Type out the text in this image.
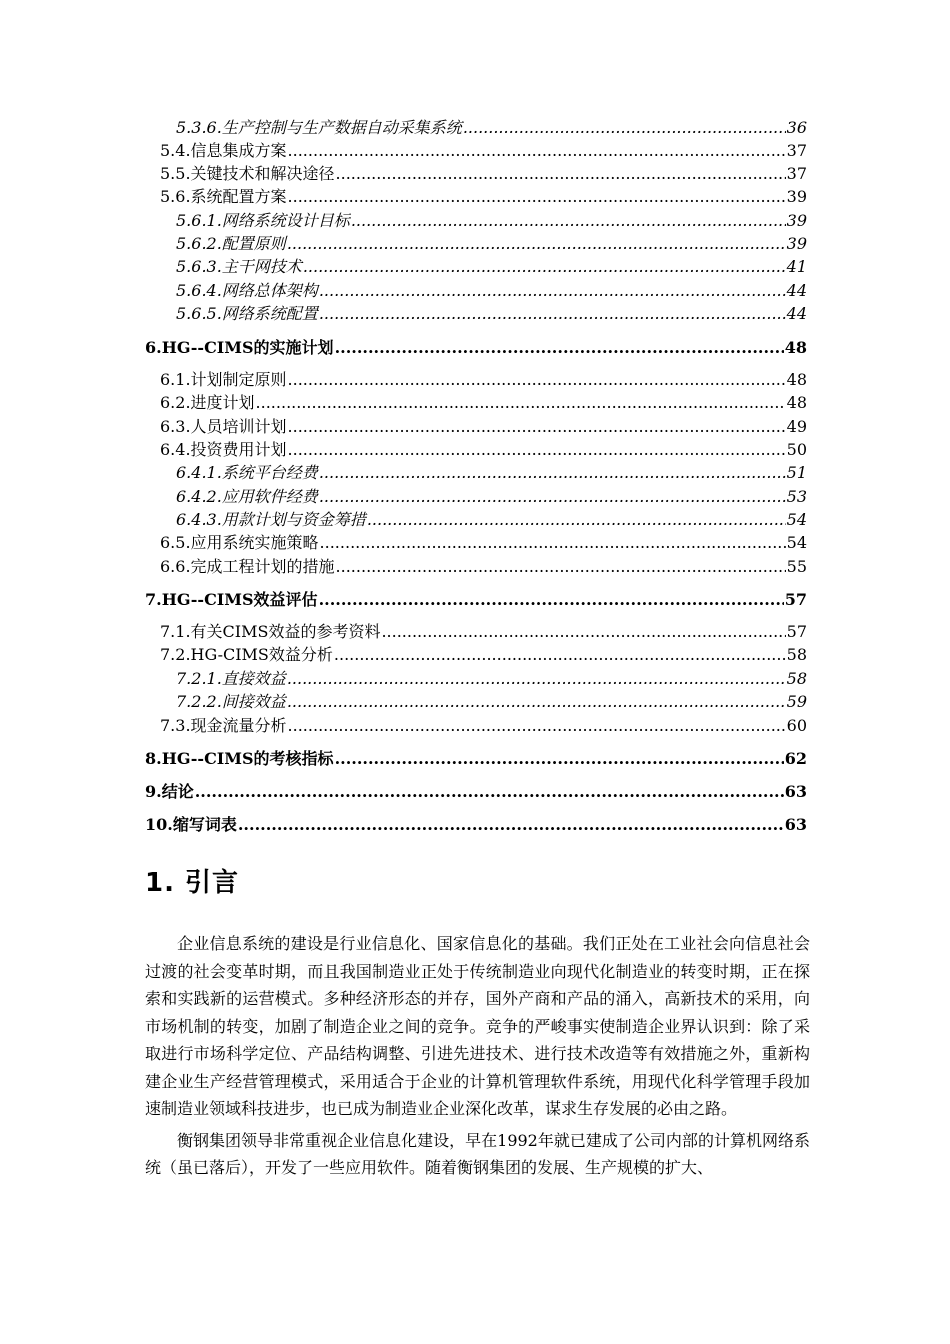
5.3.6. 生产控制与生产数据自动采集系统 .....	36
5.4. 信息集成方案 .....	37
5.5. 关键技术和解决途径 .....	37
5.6. 系统配置方案 .....	39
5.6.1. 网络系统设计目标 .....	39
5.6.2. 配置原则 .....	39
5.6.3. 主干网技术 .....	41
5.6.4. 网络总体架构 .....	44
5.6.5. 网络系统配置 .....	44
6. HG--CIMS的实施计划 .....	48
6.1. 计划制定原则 .....	48
6.2. 进度计划 .....	48
6.3. 人员培训计划 .....	49
6.4. 投资费用计划 .....	50
6.4.1. 系统平台经费 .....	51
6.4.2. 应用软件经费 .....	53
6.4.3. 用款计划与资金筹措 .....	54
6.5. 应用系统实施策略 .....	54
6.6. 完成工程计划的措施 .....	55
7. HG--CIMS效益评估 .....	57
7.1. 有关CIMS效益的参考资料 .....	57
7.2. HG-CIMS效益分析 .....	58
7.2.1. 直接效益 .....	58
7.2.2. 间接效益 .....	59
7.3. 现金流量分析 .....	60
8. HG--CIMS的考核指标 .....	62
9. 结论 .....	63
10. 缩写词表 .....	63
1. 引言

企业信息系统的建设是行业信息化、国家信息化的基础。我们正处在工业社会向信息社会过渡的社会变革时期，而且我国制造业正处于传统制造业向现代化制造业的转变时期，正在探索和实践新的运营模式。多种经济形态的并存，国外产商和产品的涌入，高新技术的采用，向市场机制的转变，加剧了制造企业之间的竞争。竞争的严峻事实使制造企业界认识到：除了采取进行市场科学定位、产品结构调整、引进先进技术、进行技术改造等有效措施之外，重新构建企业生产经营管理模式，采用适合于企业的计算机管理软件系统，用现代化科学管理手段加速制造业领域科技进步，也已成为制造业企业深化改革，谋求生存发展的必由之路。

衡钢集团领导非常重视企业信息化建设，早在1992年就已建成了公司内部的计算机网络系统（虽已落后），开发了一些应用软件。随着衡钢集团的发展、生产规模的扩大、
